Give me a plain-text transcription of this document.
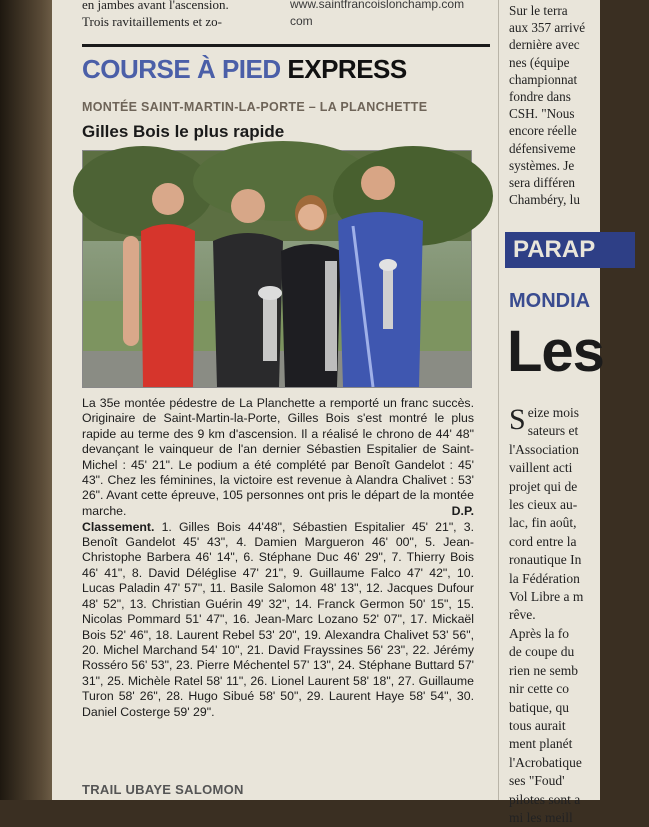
en jambes avant l'ascension.
Trois ravitaillements et zo-
www.saintfrancoislonchamp.com
com
COURSE À PIED EXPRESS
MONTÉE SAINT-MARTIN-LA-PORTE – LA PLANCHETTE
Gilles Bois le plus rapide

La 35e montée pédestre de La Planchette a remporté un franc succès. Originaire de Saint-Martin-la-Porte, Gilles Bois s'est montré le plus rapide au terme des 9 km d'ascension. Il a réalisé le chrono de 44' 48" devançant le vainqueur de l'an dernier Sébastien Espitalier de Saint-Michel : 45' 21". Le podium a été complété par Benoît Gandelot : 45' 43". Chez les féminines, la victoire est revenue à Alandra Chalivet : 53' 26". Avant cette épreuve, 105 personnes ont pris le départ de la montée marche.	D.P.

Classement. 1. Gilles Bois 44'48", Sébastien Espitalier 45' 21", 3. Benoît Gandelot 45' 43", 4. Damien Margueron 46' 00", 5. Jean-Christophe Barbera 46' 14", 6. Stéphane Duc 46' 29", 7. Thierry Bois 46' 41", 8. David Déléglise 47' 21", 9. Guillaume Falco 47' 42", 10. Lucas Paladin 47' 57", 11. Basile Salomon 48' 13", 12. Jacques Dufour 48' 52", 13. Christian Guérin 49' 32", 14. Franck Germon 50' 15", 15. Nicolas Pommard 51' 47", 16. Jean-Marc Lozano 52' 07", 17. Mickaël Bois 52' 46", 18. Laurent Rebel 53' 20", 19. Alexandra Chalivet 53' 56", 20. Michel Marchand 54' 10", 21. David Frayssines 56' 23", 22. Jérémy Rosséro 56' 53", 23. Pierre Méchentel 57' 13", 24. Stéphane Buttard 57' 31", 25. Michèle Ratel 58' 11", 26. Lionel Laurent 58' 18", 27. Guillaume Turon 58' 26", 28. Hugo Sibué 58' 50", 29. Laurent Haye 58' 54", 30. Daniel Costerge 59' 29".

TRAIL UBAYE SALOMON
Sur le terra
aux 357 arrivé
dernière avec
nes (équipe
championnat
fondre dans
CSH. "Nous
encore réelle
défensiveme
systèmes. Je
sera différen
Chambéry, lu
PARAP
MONDIA
Les
S eize mois
sateurs et
l'Association
vaillent acti
projet qui de
les cieux au-
lac, fin août,
cord entre la
ronautique In
la Fédération
Vol Libre a m
rêve.
Après la fo
de coupe du
rien ne semb
nir cette co
batique, qu
tous aurait
ment planét
l'Acrobatique
ses "Foud'
pilotes sont a
mi les meill
